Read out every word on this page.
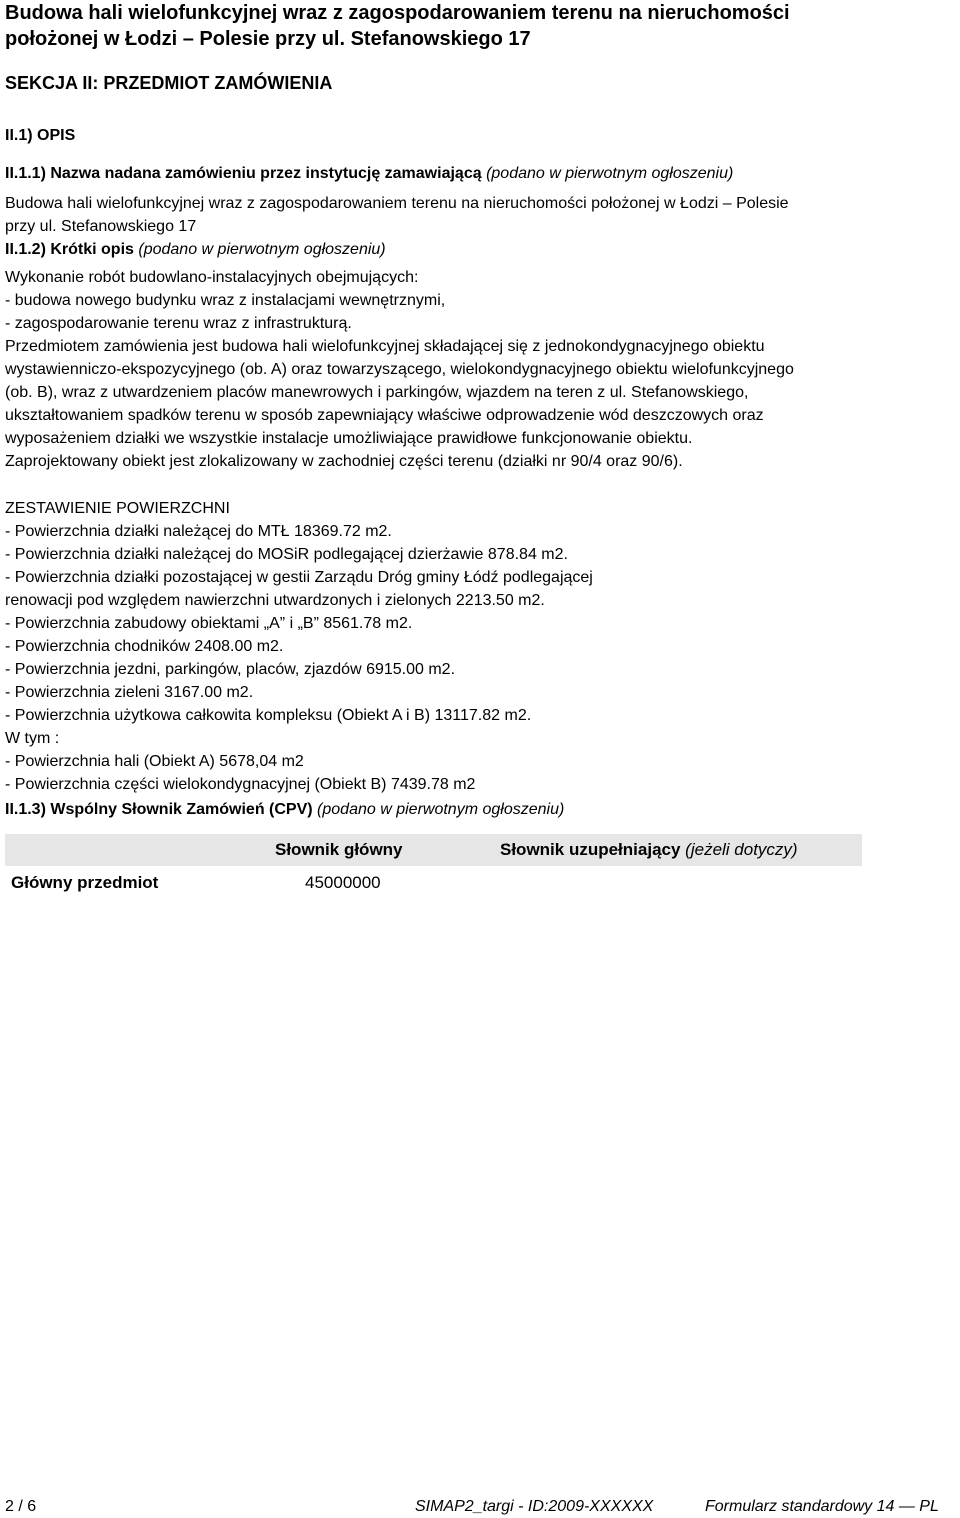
Budowa hali wielofunkcyjnej wraz z zagospodarowaniem terenu na nieruchomości
położonej w Łodzi – Polesie przy ul. Stefanowskiego 17
SEKCJA II: PRZEDMIOT ZAMÓWIENIA
II.1) OPIS
II.1.1) Nazwa nadana zamówieniu przez instytucję zamawiającą (podano w pierwotnym ogłoszeniu)

Budowa hali wielofunkcyjnej wraz z zagospodarowaniem terenu na nieruchomości położonej w Łodzi – Polesie

przy ul. Stefanowskiego 17

II.1.2) Krótki opis (podano w pierwotnym ogłoszeniu)

Wykonanie robót budowlano-instalacyjnych obejmujących:

- budowa nowego budynku wraz z instalacjami wewnętrznymi,

- zagospodarowanie terenu wraz z infrastrukturą.

Przedmiotem zamówienia jest budowa hali wielofunkcyjnej składającej się z jednokondygnacyjnego obiektu

wystawienniczo-ekspozycyjnego (ob. A) oraz towarzyszącego, wielokondygnacyjnego obiektu wielofunkcyjnego

(ob. B), wraz z utwardzeniem placów manewrowych i parkingów, wjazdem na teren z ul. Stefanowskiego,

ukształtowaniem spadków terenu w sposób zapewniający właściwe odprowadzenie wód deszczowych oraz

wyposażeniem działki we wszystkie instalacje umożliwiające prawidłowe funkcjonowanie obiektu.

Zaprojektowany obiekt jest zlokalizowany w zachodniej części terenu (działki nr 90/4 oraz 90/6).

ZESTAWIENIE POWIERZCHNI

- Powierzchnia działki należącej do MTŁ 18369.72 m2.

- Powierzchnia działki należącej do MOSiR podlegającej dzierżawie 878.84 m2.

- Powierzchnia działki pozostającej w gestii Zarządu Dróg gminy Łódź podlegającej

renowacji pod względem nawierzchni utwardzonych i zielonych 2213.50 m2.

- Powierzchnia zabudowy obiektami „A” i „B” 8561.78 m2.

- Powierzchnia chodników 2408.00 m2.

- Powierzchnia jezdni, parkingów, placów, zjazdów 6915.00 m2.

- Powierzchnia zieleni 3167.00 m2.

- Powierzchnia użytkowa całkowita kompleksu (Obiekt A i B) 13117.82 m2.

W tym :

- Powierzchnia hali (Obiekt A) 5678,04 m2

- Powierzchnia części wielokondygnacyjnej (Obiekt B) 7439.78 m2

II.1.3) Wspólny Słownik Zamówień (CPV) (podano w pierwotnym ogłoszeniu)
	Słownik główny	Słownik uzupełniający (jeżeli dotyczy)
Główny przedmiot	45000000	
2 / 6	SIMAP2_targi - ID:2009-XXXXXX	Formularz standardowy 14 — PL
